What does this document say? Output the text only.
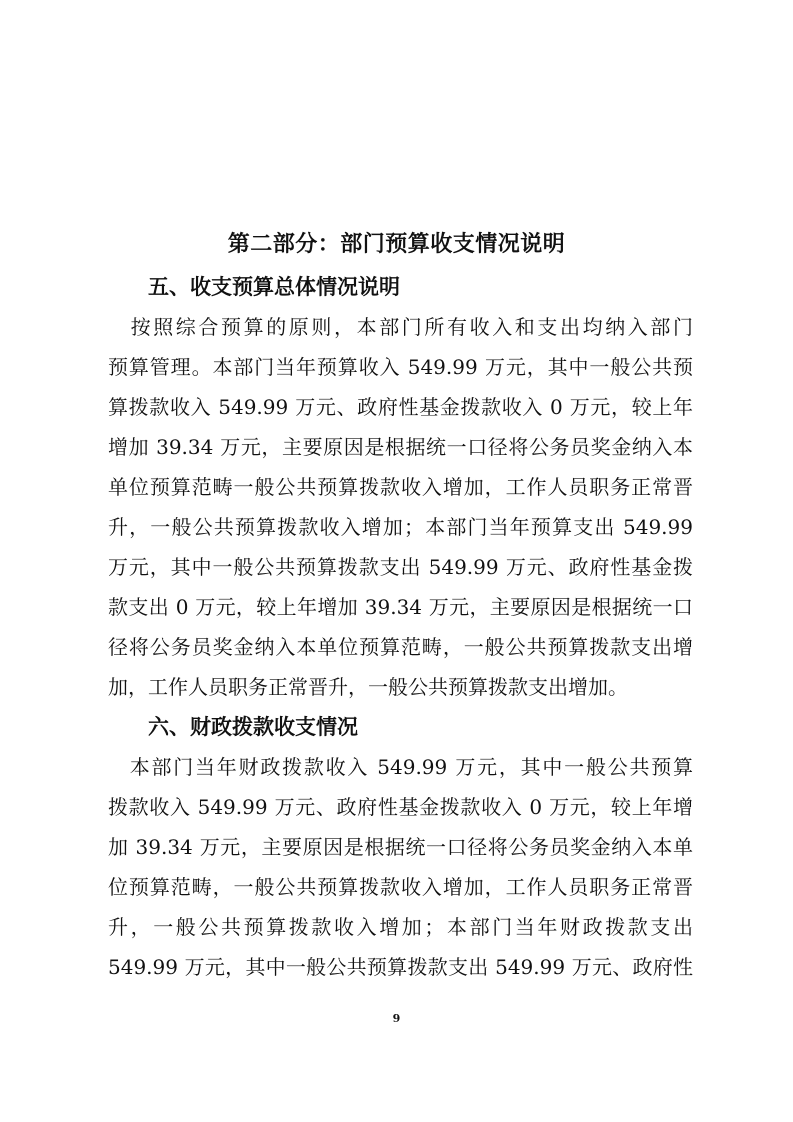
第二部分：部门预算收支情况说明
五、收支预算总体情况说明
　按照综合预算的原则，本部门所有收入和支出均纳入部门
预算管理。本部门当年预算收入 549.99 万元，其中一般公共预
算拨款收入 549.99 万元、政府性基金拨款收入 0 万元，较上年
增加 39.34 万元，主要原因是根据统一口径将公务员奖金纳入本
单位预算范畴一般公共预算拨款收入增加，工作人员职务正常晋
升，一般公共预算拨款收入增加；本部门当年预算支出 549.99
万元，其中一般公共预算拨款支出 549.99 万元、政府性基金拨
款支出 0 万元，较上年增加 39.34 万元，主要原因是根据统一口
径将公务员奖金纳入本单位预算范畴，一般公共预算拨款支出增
加，工作人员职务正常晋升，一般公共预算拨款支出增加。
六、财政拨款收支情况
　本部门当年财政拨款收入 549.99 万元，其中一般公共预算
拨款收入 549.99 万元、政府性基金拨款收入 0 万元，较上年增
加 39.34 万元，主要原因是根据统一口径将公务员奖金纳入本单
位预算范畴，一般公共预算拨款收入增加，工作人员职务正常晋
升，一般公共预算拨款收入增加；本部门当年财政拨款支出
549.99 万元，其中一般公共预算拨款支出 549.99 万元、政府性
9
